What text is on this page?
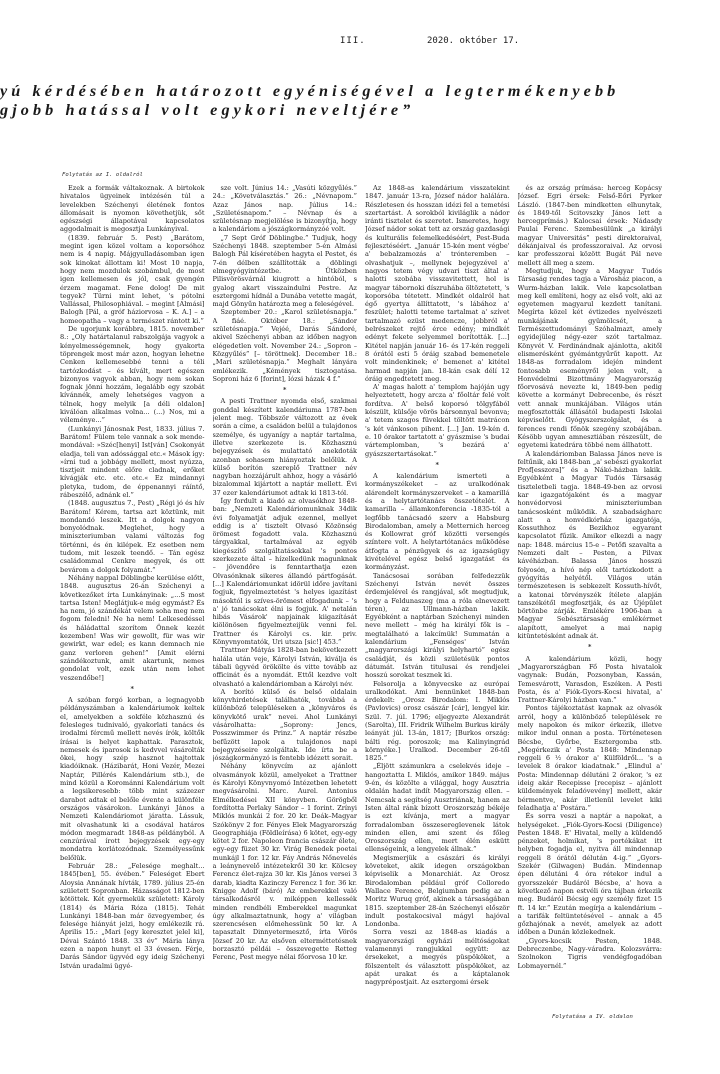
III.	2020. október 17.
yú kérdésében határozott egyéniségével a legtermékenyebb
gjobb hatással volt egykori neveltjére”
Folytatás az I. oldalról

Ezek a formák váltakoznak. A birtokok hivatalos ügyeinek intézésén túl a levelekben Széchenyi életének fontos állomásait is nyomon követhetjük, sőt egészségi állapotával kapcsolatos aggodalmait is megosztja Lunkányival.

(1839. február 5. Pest) „Barátom, megint igen közel voltam a koporsóhoz nem is 4 napig. Májgyulladásomban igen sok kinokat állottam ki! Most 10 napja, hogy nem mozdulok szobámbul, de most igen kellemesen és jól, csak gyengén érzem magamat. Fene dolog! De mit tegyek? Türni mint lehet, 's pótolni Vallással, Philosophiával. – megint [Almási] Balogh [Pál, a gróf háziorvosa – K. A.] – a homeopatha – vagy a természet rántott ki.”

De ugorjunk korábbra, 1815. november 8.: „Oly határtalanul rabszolgája vagyok a kényelmességemnek, hogy gyakorta töprengek most már azon, hogyan lehetne Cenken kellemesebbé tenni a téli tartózkodást – és kívált, mert egészen bizonyos vagyok abban, hogy nem sokan fognak jönni hozzám, legalább egy szobát kívánnék, amely lehetséges vagyon a télnek, hogy melyik [a déli oldalon] kiválóan alkalmas volna... (...) Nos, mi a véleménye...”

(Lunkányi Jánosnak Pest, 1833. július 7. Barátom! Fülem tele vannak a sok mende-mondával: »Széc[henyi] Ist[ván] Csokonyát eladja, teli van adóssággal etc.« Mások így: »írni tud a jobbágy mellett, most nyúzza, tisztjeit mindent előre cladnak, erőket kívágják etc. etc. etc.« Ez mindannyi pletyka, tudom, de éppenannyi ráíntő, rábeszélő, adnánk el.”

(1848. augusztus 7., Pest) „Régi jó és hív Barátom! Kérem, tartsa azt köztünk, mit mondandó leszek. Itt a dolgok nagyon bonyolódnak. Meglehet, hogy a miniszteriumban valami változás fog történni, és én kilépek. Ez esetben nem tudom, mit leszek teendő. – Tán egész családommal Cenkre megyek, és ott bevárom a dolgok folyamát.”

Néhány nappal Döblingbe kerülése előtt, 1848. augusztus 26-án Széchenyi a következőket írta Lunkányinak: „...S most tartsa Isten! Meglátjuk-e még egymást? És ha nem, jó szándékát velem soha meg nem fogom feledni! Ne ha nem! Lelkesedéssel és háládattal szorítom Önnek kezét kezemben! Was wir gewollt, für was wir gewirkt, war edel; es kann demnach nie ganz verloren gehen!” [Amit elérni szándékoztunk, amit akartunk, nemes gondolat volt, ezek után nem lehet veszendőbe!]

*

A szóban forgó korban, a legnagyobb példányszámban a kalendáriumok keltek el, amelyekben a sokféle közhasznú és felesleges tudnivaló, gyakorlati tanács és irodalmi fércmű mellett nevés írók, költők írásai is helyet kaphattak. Parasztok, nemesek és iparosok is kedvvel vásárolták ökei, hogy szép hasznot hajtottak kiadóiknak. (Házibarát, Honi Vezér, Mezei Naptár, Pillérés Kalendárium stb.), de mind közül a Korománni Kalendárium volt a legsikeresebb: több mint százezer darabot adtak el belőle évente a különféle országos vásárokon. Lunkányi János a Nemzeti Kalendáriomot járatta. Lássuk, mit olvashatunk ki a csodával határos módon megmaradt 1848-as példányból. A cenzúrával írott bejegyzések egy-egy mondatra korlátozódnak. Személyessűnk belőlük.

Február 28.: „Felesége meghalt... 1845[ben], 55. évében.” Feleséget Ebert Aloysia Annának hívták, 1789. július 25-én született Sopronban. Házasságot 1812-ben kötöttek. Két gyermekük született: Károly (1814) és Mária Róza (1815). Tehát Lunkányi 1848-ban már özvegyember, és felesége hiányát jelzi, hogy emlékezik rá. Április 15.: „Mari [egy keresztet jelel ki], Dévai Szántó 1848. 33 év” Mária lánya ezen a napon hunyt el 33 évesen. Férje, Darás Sándor ügyvéd egy ideig Széchenyi István uradalmi ügyé-

sze volt. Június 14.: „Vasúti közgyűlés.” 24.: „Követválasztás.” 26.: „Névnapom.” Azaz János nap. Július 14.: „Születésnapom.” – Névnap és a születésnap megjelölése is bizonyítja, hogy a kalendáriom a jószágkormányzóé volt.

„7 Sept Gróf Döblingbe.” Tudjuk, hogy Széchenyi 1848. szeptember 5-én Almási Balogh Pál kíséretében hagyta el Pestet, és 7-én délben szállították a döblingi elmegyógyintézetbe. Ütközben Pilisvörösvárnál kiugrott a hintóból, s gyalog akart visszaindulni Pestre. Az esztergomi hídnál a Dunába vetette magát, majd Gönyűn határozta meg a feleségével.

Szeptember 20.: „Karol születésnapja.” A fiáé. Október 18.: „Sándor születésnapja.” Vejéé, Darás Sándoré, akivel Széchenyi abban az időben nagyon elégedetlen volt. November 24.: „Sopron – Közgyűlés” [– töröttnek]. December 18.: „Mari születésnapja.” Meghalt lányára emlékezik. „Kémények tisztogatása. Soproni ház 6 [forint], lózsi házak 4 f.”

*

A pesti Trattner nyomda első, szakmai gonddal készített kalendáriuma 1787-ben jelent meg. Többször változott az évek során a címe, a családon belül a tulajdonos személye, és ugyanígy a naptár tartalma, illetve szerkezete is. Közhasznú bejegyzések és mulattató anekdoták azonban sohasem hiányoztak belőlük. A külső borítón szereplő Trattner név nagyban hozzájárult ahhoz, hogy a vásárló bizalommal kijártott a naptár mellett. Évi 37 ezer kalendáriumot adtak ki 1813-tól.

Így fordult a kiadó az olvasókhoz 1848-ban: „Nemzeti Kalendáriomunknak 34dik évi folyamatját adjuk ezennel, mellyet eddig is a' tisztelt Olvasó Közönség örömest fogadott vala. Közhasznú tárgyakkal, tartalmával az egyéb kiegészítő szolgáltatásokkal 's pontos szerkezete által – hízelkedünk magunknak – jövendőre is fenntarthatja ezen Olvasónknak sikeres állandó pártfogását. [...] Kalendáriomunkat idörül időre javítani fogjuk, figyelmeztetést 's helyes igazítást másoktól is szíves-örömest elfogadunk – 's a' jó tanácsokat élni is fogjuk. A' netalán hibás Vásárok' napjainak kiigazítását kiölönösen figyelmezteijük venni fel. Trattner és Károlyi cs. kir. priv. Könyvnyomtatók, Uri utsza [sic!] 453.”

Trattner Mátyás 1828-ban bekövetkezett halála után veje, Károlyi István, kiválja és tábali ügyvéd örökölte és vitte tovább az officinát és a nyomdát. Ettől kezdve volt olvasható a kalendáriomban a Károlyi név.

A borító külső és belső oldalain könyvhirdetések találhatók, továbbá a különböző településeken a „könyváros és könyvkötő urak” nevei. Ahol Lunkányi vásárolhatta: „Soprony: Jencs, Posszwimmer és Prinz.” A naptár részbe befűzött lapok a tulajdonos napi bejegyzéseire szolgáltak. Ide írta be a jószágkormányzó is fentebb idézett sorait.

Néhány könyvcím az ajánlott olvasmányok közül, amelyeket a Trattner és Károlyi Könyvnyomó Intézetben lehetett megvásárolni. Marc. Aurel. Antonius Elmélkedései XII könyvben. Görögből fordította Perlaky Sándor – 1 forint. Zrínyi Miklós munkái 2 for. 20 kr. Deák–Magyar Szókönyv 2 for. Fényes Elek Magyarország Geographiája (Földleírása) 6 kötet, egy-egy kötet 2 for. Napoleon francia császár élete, egy-egy füzet 30 kr. Virág Benedek poetai munkájl 1 for. 12 kr. Fáy András Nőnevelés a leánynevelő intézetekről 30 kr. Kölcsey Ferencz élet-rajza 30 kr. Kis János versei 3 darab, kiadta Kazinczy Ferencz 1 for. 36 kr. Knigge Adolf (báró) Az emberekkel való társalkodásról v. miképpen kellessék minden rendbéli Emberekkel magunkat úgy alkalmaztatnunk, hogy a' világban szerencsésen előmehessünk 50 kr. A tapasztalt Dinnyetermesztő, írta Vörös Jözsef 20 kr. Az elsőven elterméttetésnek borzasztó példái – összevegette Retteg Ferenc, Pest megye nélai főorvosa 10 kr.

Az 1848-as kalendárium visszatekint 1847. január 13-ra, József nádor halálára. Részletesen és hosszan idézi fel a temetési szertartást. A sorokból kiviláglik a nádor iránti tisztelet és szeretet. Ismeretes, hogy József nádor sokat tett az ország gazdasági és kulturális felemelkedéséért, Pest-Buda fejlesztéséért. „Január 15-kén ment végbe' a' bebalzamozás a' trónteremben – olvashatjuk –, mellynek bejegyzével a' nagyos tetem végy udvari tiszt által a' halotti szobába visszavitettett, hol is magyar tábornoki díszruhába öltöztetett, 's koporsóba tétetett. Mindkét oldalról hat égő gyertya állíttatott, 's lábához a' feszület; halotti teteme tartalmat a' szívet tartalmazó ezüst medencze, jobbról a' belrészeket rejtő érce edény; mindkét edényt fekete selyemmel borították. [...] Kitétel napján január 16- és 17-kén reggeli 8 órától esti 5 óráig szabad bemenetele volt mindenkinek; e' bemenet a' kitétel harmad napján jan. 18-kán csak délí 12 óráig engedtetett meg.

A' magas halott a' templom hajóján ugy helyeztetett, hogy arcza a' főoltár felé volt fordítva. A' belső koporsó tölgyfából készült, külsője vörös bársonnyal bevonva; a' tetem szagos füvekkel töltött matrácon 's két vánkoson pihent. [...] Jan. 19-kén d. e. 10 órakor tartatott a' gyászmise 's budai vártemplomban, 's bezárá a' gyászszertartásokat.”

*

A kalendárium ismerteti a kormányszékeket – az uralkodónak alárendelt kormányszerveket – a kamarillá és a helytartótanács összetételét. A kamarilla – államkonferencia -1835-tól a legfőbb tanácsadó szerv a Habsburg Birodalomban, amely a Metternich herceg és Kollowrat gróf közötti versengés színtere volt. A helytartótanács működése átfogta a pénzügyek és az igazságügy kivételével egész belső igazgatást és kormányzást.

Tanácsosai sorában felfedezzük Széchenyi István nevét összes érdemjelével és rangjával, sőt megtudjuk, hogy a Feldunaszeg (ma a róla elnevezett téren), az Ullmann-házban lakik. Egyébként a naptárban Széchenyi minden neve mellett – még ha királyi fők is – megtalálható a lakcímük! Summatán a kalendárium „Fenséges' István „magyarországi királyi helyhartó” egész családját, és közli születésük pontos dátumát. István titulusai és rendjelei hosszú sorokat tesznek ki.

Felsorolja a könyvecske az európai uralkodókat. Ami bennünket 1848-ban érdekelt: „Orosz Birodalom: I. Miklós (Pavlovics) orosz császár [cár], lengyel kir. Szül. 7. júl. 1796; eljegyezte Alexandrát (Sarolta), III. Fridrik Wilhelm Burkus király leányát júl. 13-án, 1817; [Burkos ország: bálti rég. poroszok; ma Kalinyingrád környéke.] Uralkod. December 26-től 1825.”

„Éljött számunkra a cselekvés ideje – hangoztatta I. Miklós, amikor 1849. május 9-én, és közölte a világgal, hogy Ausztria oldalán hadat indít Magyarország ellen. – Nemcsak a segítség Ausztriának, hanem az Isten által ránk bízott Oroszország békéje is ezt kívánja, mert a magyar forradalomban összesereglevenek látok minden ellen, ami szent és főleg Oroszország ellen, mert élén eskütt ellenségeink, a lengyelek állnak.”

Megismerjük a császári és királyi követeket, akik idegen országokban képviselik a Monarchiát. Az Orosz Birodalomban például gróf Colloredo Wallace Ference, Belgiumban pedig az a Moritz Wuruq gróf, akinek a társaságában 1815. szeptember 28-án Széchenyi először indult postakocsival mágyl hajóval Londonba.

Sorra veszi az 1848-as kiadás a magyarországi egyházi méltóságokat valamennyi rangjukkal együtt: az érsekeket, a megyés püspököket, a fölszentelt és választott püspököket, az apát urakat és a káptalanok nagyprépostjait. Az esztergomi érsek

és az ország prímása: herceg Kopácsy József. Egri érsek: Felső-Eőri Pyrker László. (1847-ben mindketten elhunytak, és 1849-től Scitovszky János lett a hercegprímás.) Kalocsai érsek: Nádasdy Paulai Ferenc. Szembesülünk „a királyi magyar Universitás” pesti direktoraival, dékánjaival és professzoraival. Az orvosi kar professzorai között Bugát Pál neve mellett áll meg a szem.

Megtudjuk, hogy a Magyar Tudós Társaság rendes tagja a Városház piacon, a Wurm-házban lakik. Vele kapcsolatban meg kell említeni, hogy az első volt, aki az egyetemen magyarul kezdett tanítani. Megírta közel két évtizedes nyelvészeti munkájának gyümölcsét, a Természettudományi Szóhalmazt, amely egyidejüleg négy-ezer szót tartalmaz. Könyvét V. Ferdinándnak ajánlotta, akitől elismerésként gyémántgyűrűt kapott. Az 1848-as forradalom idején mindent fontosabb eseményről jelen volt, a Honvédelmi Bizottmány Magyarország főorvosává nevezte ki, 1849-ben pedig követte a kormányt Debrecenbe, és részt vett annak munkájában. Világos után megfosztották állásától budapesti Iskolai képviselőtt. Gyógyszerszolgálat, és a ferences rendi főnök szegény szobájában. Késöbb ugyan amnesztiában részesült, de egyetemi katedrára többé nem állhatott.

A kalendáriomban Balassa János neve is feltűnik, aki 1848-ban „a' sebészi gyakorlat Prof[esszora]” és a Nákó-házban lakik. Egyébként a Magyar Tudós Társaság tiszteletbeli tagja. 1848-49-ben az orvosi kar igazgatójaként és a magyar honvédorvosi miniszteriumban tanácsosként működik. A szabadságharc alatt a honvédkórház igazgatója, Kossuthhoz és Bezikhoz egyarant kapcsolatot fűzik. Amikor elkezdi a nagy nap: 1848. március 15-e – Petőfi szavalta a Nemzeti dalt – Pesten, a Pilvax kávéházban. Balassa János hosszú folyosón, a hívó nép elől tartózkodott a gyógyítás helyétől. Világos után természetesen is sebkezelt Kossuth-hívőt, a katonai törvényszék ítélete alapján tanszékétől megfosztják, és az Újépület börtönbe zárják. Emlékére 1906-ban a Magyar Sebésztársaság emlékérmet alapított, amelyet a mai napig kitüntetésként adnak át.

*

A kalendárium közli, hogy „Magyarországban Fő Posta hivatalok vagynak: Budán, Pozsonyban, Kassán, Temesvárott, Varasdon, Eszéken. A Pesti Posta, és a' Fiók-Gyors-Kocsi hivatal, a' Trattner-Károlyi házban van.”

Pontos tájékoztatást kapnak az olvasók arról, hogy a különböző települések re mely napokon és mikor érkezik, illetve mikor indul onnan a posta. Történetesen Bécsbe, Győrbe, Esztergomba stb. „Megérkezik a' Posta 1848: Mindennap reggeli 6 ½ órakor a' Külföldről... 's a levelek 8 órakor kiadatnak.” „Elindul a' Posta: Mindennap délutáni 2 órakor, 's ez ideig akár Recepisse [recepisz – ajánlott küldemények feladóvevény] mellett, akár bérmentve, akár illetlenül levelet kiki feladhatja a' Postára.”

És sorra veszi a naptár a napokat, a helységeket. „Fiók-Gyors-Kocsi (Diligence) Pesten 1848. E' Hivatal, melly a küldendő pénzeket, holmikat, 's portékákat itt helyben fogadja el, nyitva áll mindennap reggeli 8 órától délután 4-ig.” „Gyors-Szekér (Gilwagen) Budán. Mindennap épen délutáni 4 óra rétekor indul a gyorsszekér Budáról Bécsbe, a' hova a következő napon estvéli óra tájban érkezik meg. Budáról Bécsig egy személy fizet 15 ft. 14 kr.” Ezután megírja a kalendárium – a tarifák feltüntetésével – annak a 45 gőzhajónak a nevét, amelyek az adott időben a Dunán közlekednek.

„Gyors-kocsik Pesten, 1848. Debreczenbe, Nagy-váradra. Kolozsvárra: Szolnokon Tigris vendégfogadóban Lobmayernél.”

Folytatása a IV. oldalon
